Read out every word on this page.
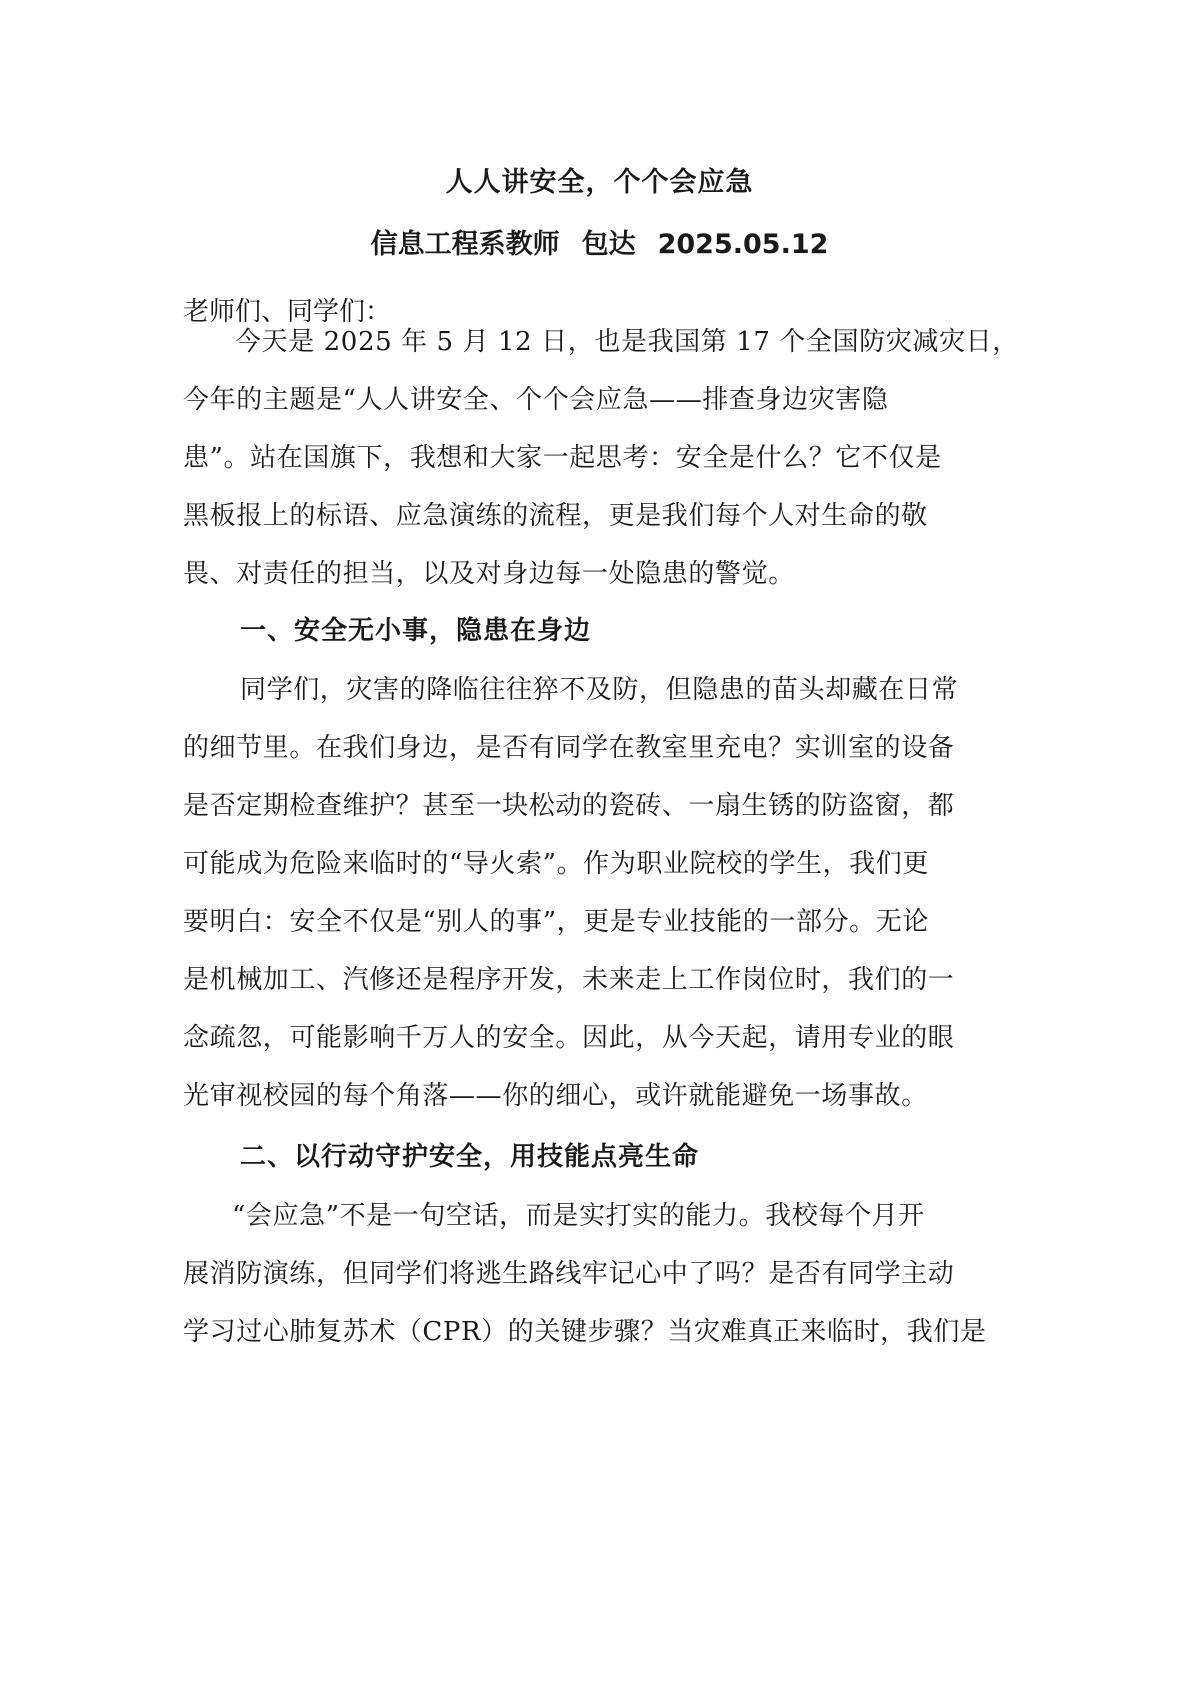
人人讲安全，个个会应急
信息工程系教师 包达 2025.05.12
老师们、同学们：
今天是 2025 年 5 月 12 日，也是我国第 17 个全国防灾减灾日，
今年的主题是“人人讲安全、个个会应急——排查身边灾害隐
患”。站在国旗下，我想和大家一起思考：安全是什么？它不仅是
黑板报上的标语、应急演练的流程，更是我们每个人对生命的敬
畏、对责任的担当，以及对身边每一处隐患的警觉。
一、安全无小事，隐患在身边
同学们，灾害的降临往往猝不及防，但隐患的苗头却藏在日常
的细节里。在我们身边，是否有同学在教室里充电？实训室的设备
是否定期检查维护？甚至一块松动的瓷砖、一扇生锈的防盗窗，都
可能成为危险来临时的“导火索”。作为职业院校的学生，我们更
要明白：安全不仅是“别人的事”，更是专业技能的一部分。无论
是机械加工、汽修还是程序开发，未来走上工作岗位时，我们的一
念疏忽，可能影响千万人的安全。因此，从今天起，请用专业的眼
光审视校园的每个角落——你的细心，或许就能避免一场事故。
二、以行动守护安全，用技能点亮生命
“会应急”不是一句空话，而是实打实的能力。我校每个月开
展消防演练，但同学们将逃生路线牢记心中了吗？是否有同学主动
学习过心肺复苏术（CPR）的关键步骤？当灾难真正来临时，我们是
